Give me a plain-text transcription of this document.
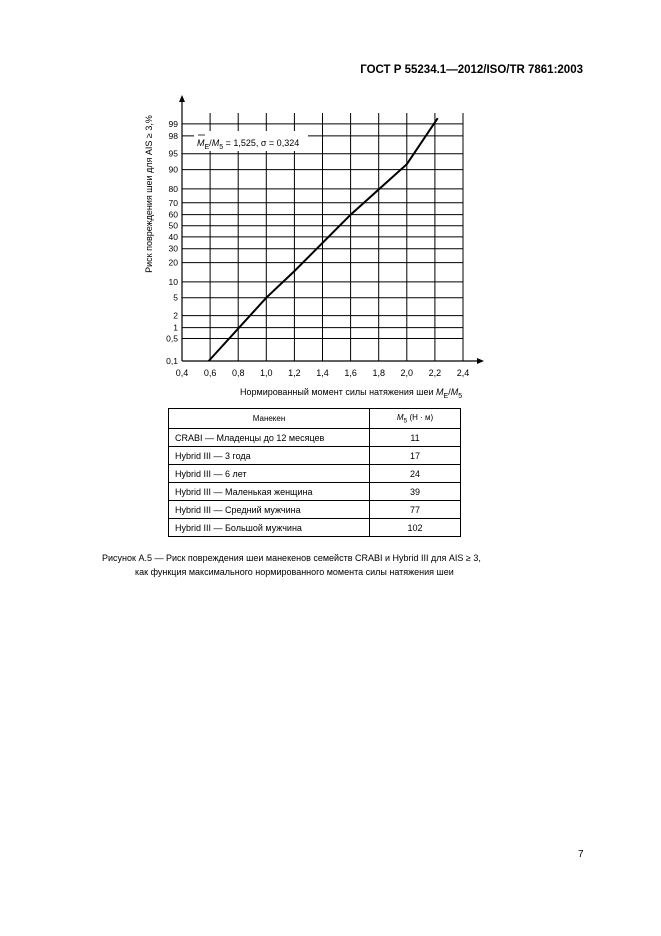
ГОСТ Р 55234.1—2012/ISO/TR 7861:2003
0,4 0,6 0,8 1,0 1,2 1,4 1,6 1,8 2,0 2,2 2,4
0,1
0,5
1
2
5
10
20
30
40
50
60
70
80
90
95
98
99
Риск повреждения шеи для AIS ≥ 3,%
Нормированный момент силы натяжения шеи $M_E/M_5$
$M_E/M_5 = 1,525$, σ = 0,324
Манекен	$M_5$ (Н · м)
CRABI — Младенцы до 12 месяцев	11
Hybrid III — 3 года	17
Hybrid III — 6 лет	24
Hybrid III — Маленькая женщина	39
Hybrid III — Средний мужчина	77
Hybrid III — Большой мужчина	102
Рисунок А.5 — Риск повреждения шеи манекенов семейств CRABI и Hybrid III для AIS ≥ 3,
как функция максимального нормированного момента силы натяжения шеи
7
